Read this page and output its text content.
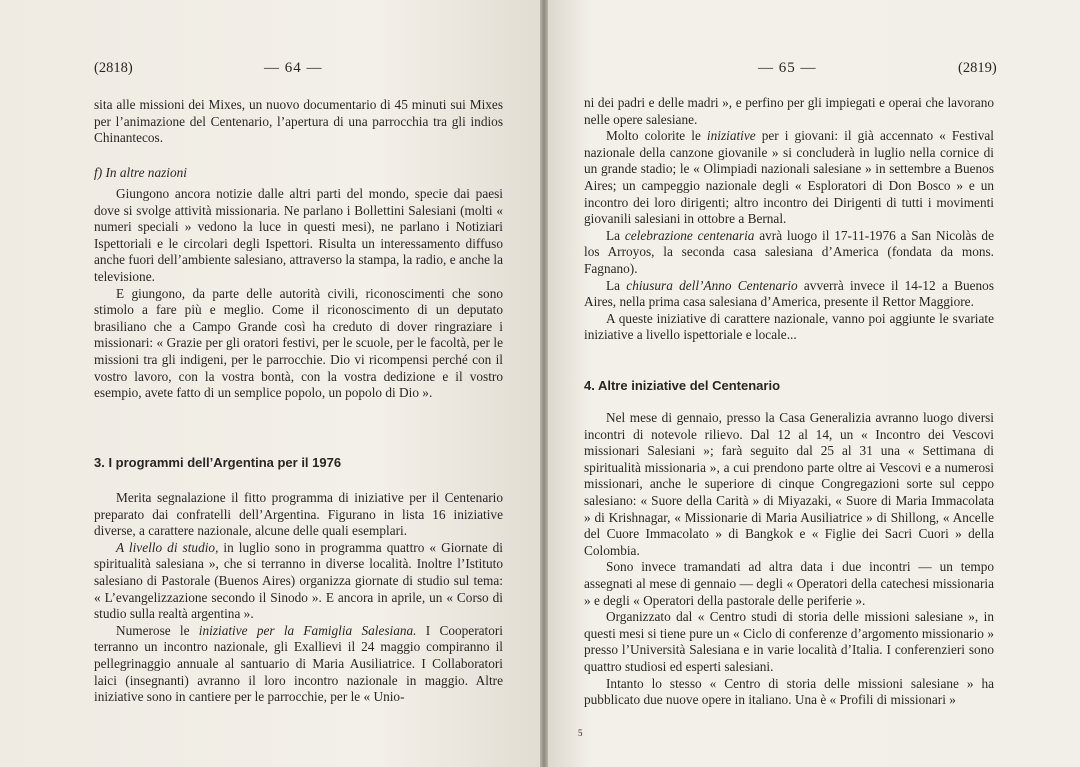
(2818)	— 64 —

sita alle missioni dei Mixes, un nuovo documentario di 45 minuti sui Mixes per l’animazione del Centenario, l’apertura di una parrocchia tra gli indios Chinantecos.

f) In altre nazioni

Giungono ancora notizie dalle altri parti del mondo, specie dai paesi dove si svolge attività missionaria. Ne parlano i Bollettini Salesiani (molti « numeri speciali » vedono la luce in questi mesi), ne parlano i Notiziari Ispettoriali e le circolari degli Ispettori. Risulta un interessamento diffuso anche fuori dell’ambiente salesiano, attraverso la stampa, la radio, e anche la televisione.

E giungono, da parte delle autorità civili, riconoscimenti che sono stimolo a fare più e meglio. Come il riconoscimento di un deputato brasiliano che a Campo Grande così ha creduto di dover ringraziare i missionari: « Grazie per gli oratori festivi, per le scuole, per le facoltà, per le missioni tra gli indigeni, per le parrocchie. Dio vi ricompensi perché con il vostro lavoro, con la vostra bontà, con la vostra dedizione e il vostro esempio, avete fatto di un semplice popolo, un popolo di Dio ».

3. I programmi dell’Argentina per il 1976

Merita segnalazione il fitto programma di iniziative per il Centenario preparato dai confratelli dell’Argentina. Figurano in lista 16 iniziative diverse, a carattere nazionale, alcune delle quali esemplari.

A livello di studio, in luglio sono in programma quattro « Giornate di spiritualità salesiana », che si terranno in diverse località. Inoltre l’Istituto salesiano di Pastorale (Buenos Aires) organizza giornate di studio sul tema: « L’evangelizzazione secondo il Sinodo ». E ancora in aprile, un « Corso di studio sulla realtà argentina ».

Numerose le iniziative per la Famiglia Salesiana. I Cooperatori terranno un incontro nazionale, gli Exallievi il 24 maggio compiranno il pellegrinaggio annuale al santuario di Maria Ausiliatrice. I Collaboratori laici (insegnanti) avranno il loro incontro nazionale in maggio. Altre iniziative sono in cantiere per le parrocchie, per le « Unio-

— 65 —	(2819)

ni dei padri e delle madri », e perfino per gli impiegati e operai che lavorano nelle opere salesiane.

Molto colorite le iniziative per i giovani: il già accennato « Festival nazionale della canzone giovanile » si concluderà in luglio nella cornice di un grande stadio; le « Olimpiadi nazionali salesiane » in settembre a Buenos Aires; un campeggio nazionale degli « Esploratori di Don Bosco » e un incontro dei loro dirigenti; altro incontro dei Dirigenti di tutti i movimenti giovanili salesiani in ottobre a Bernal.

La celebrazione centenaria avrà luogo il 17-11-1976 a San Nicolàs de los Arroyos, la seconda casa salesiana d’America (fondata da mons. Fagnano).

La chiusura dell’Anno Centenario avverrà invece il 14-12 a Buenos Aires, nella prima casa salesiana d’America, presente il Rettor Maggiore.

A queste iniziative di carattere nazionale, vanno poi aggiunte le svariate iniziative a livello ispettoriale e locale...

4. Altre iniziative del Centenario

Nel mese di gennaio, presso la Casa Generalizia avranno luogo diversi incontri di notevole rilievo. Dal 12 al 14, un « Incontro dei Vescovi missionari Salesiani »; farà seguito dal 25 al 31 una « Settimana di spiritualità missionaria », a cui prendono parte oltre ai Vescovi e a numerosi missionari, anche le superiore di cinque Congregazioni sorte sul ceppo salesiano: « Suore della Carità » di Miyazaki, « Suore di Maria Immacolata » di Krishnagar, « Missionarie di Maria Ausiliatrice » di Shillong, « Ancelle del Cuore Immacolato » di Bangkok e « Figlie dei Sacri Cuori » della Colombia.

Sono invece tramandati ad altra data i due incontri — un tempo assegnati al mese di gennaio — degli « Operatori della catechesi missionaria » e degli « Operatori della pastorale delle periferie ».

Organizzato dal « Centro studi di storia delle missioni salesiane », in questi mesi si tiene pure un « Ciclo di conferenze d’argomento missionario » presso l’Università Salesiana e in varie località d’Italia. I conferenzieri sono quattro studiosi ed esperti salesiani.

Intanto lo stesso « Centro di storia delle missioni salesiane » ha pubblicato due nuove opere in italiano. Una è « Profili di missionari »

5
